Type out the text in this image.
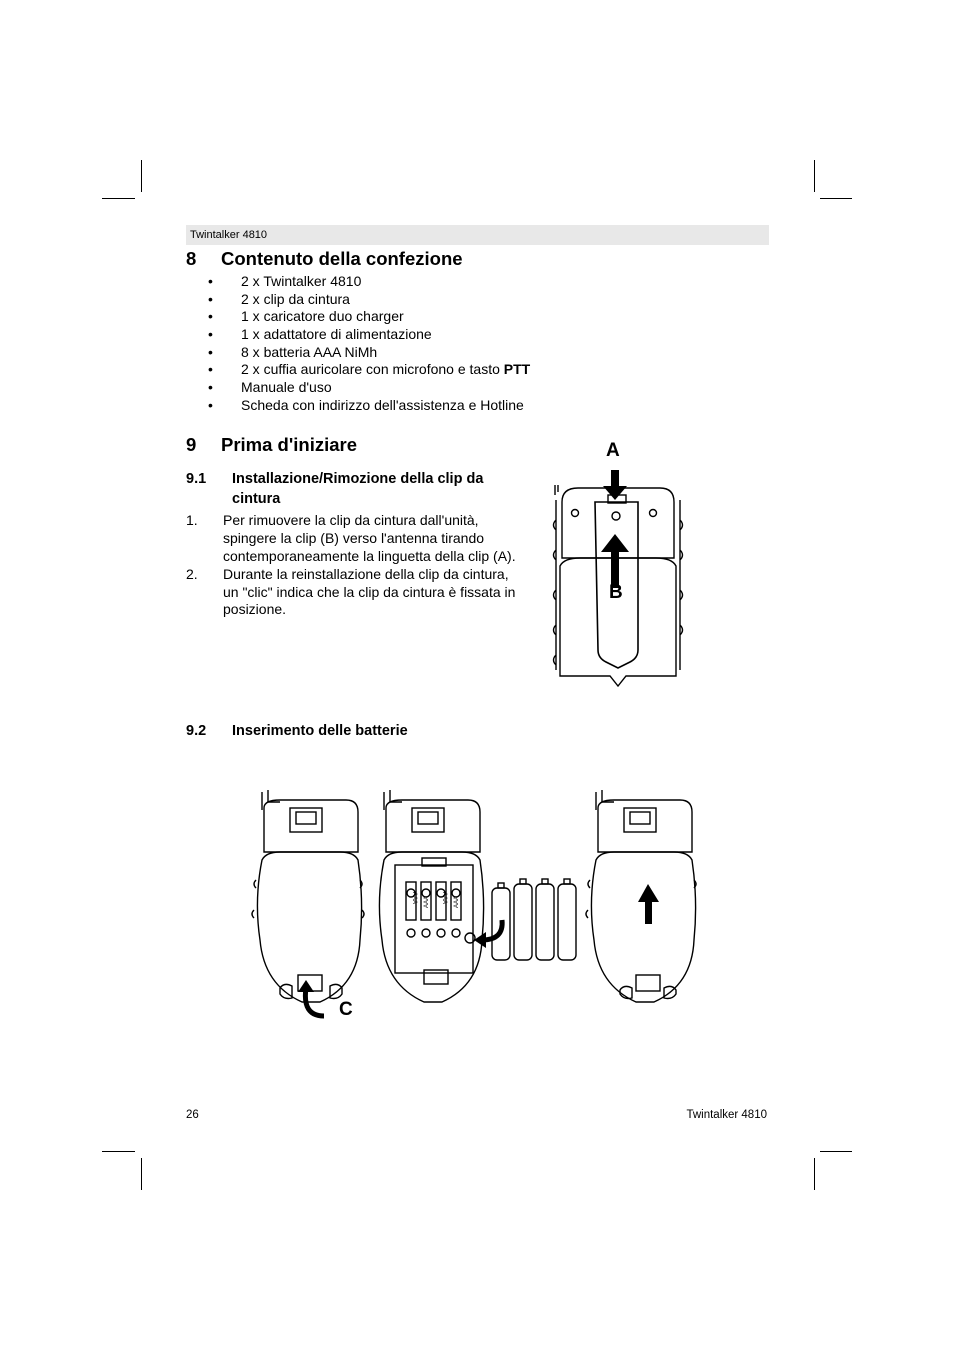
Twintalker 4810
8 Contenuto della confezione
• 2 x Twintalker 4810
• 2 x clip da cintura
• 1 x caricatore duo charger
• 1 x adattatore di alimentazione
• 8 x batteria AAA NiMh
• 2 x cuffia auricolare con microfono e tasto PTT
• Manuale d'uso
• Scheda con indirizzo dell'assistenza e Hotline
9 Prima d'iniziare
9.1 Installazione/Rimozione della clip da cintura
1. Per rimuovere la clip da cintura dall'unità, spingere la clip (B) verso l'antenna tirando contemporaneamente la linguetta della clip (A).
2. Durante la reinstallazione della clip da cintura, un "clic" indica che la clip da cintura è fissata in posizione.
A
B
9.2 Inserimento delle batterie
AAA AAA AAA AAA
C
26	Twintalker 4810
